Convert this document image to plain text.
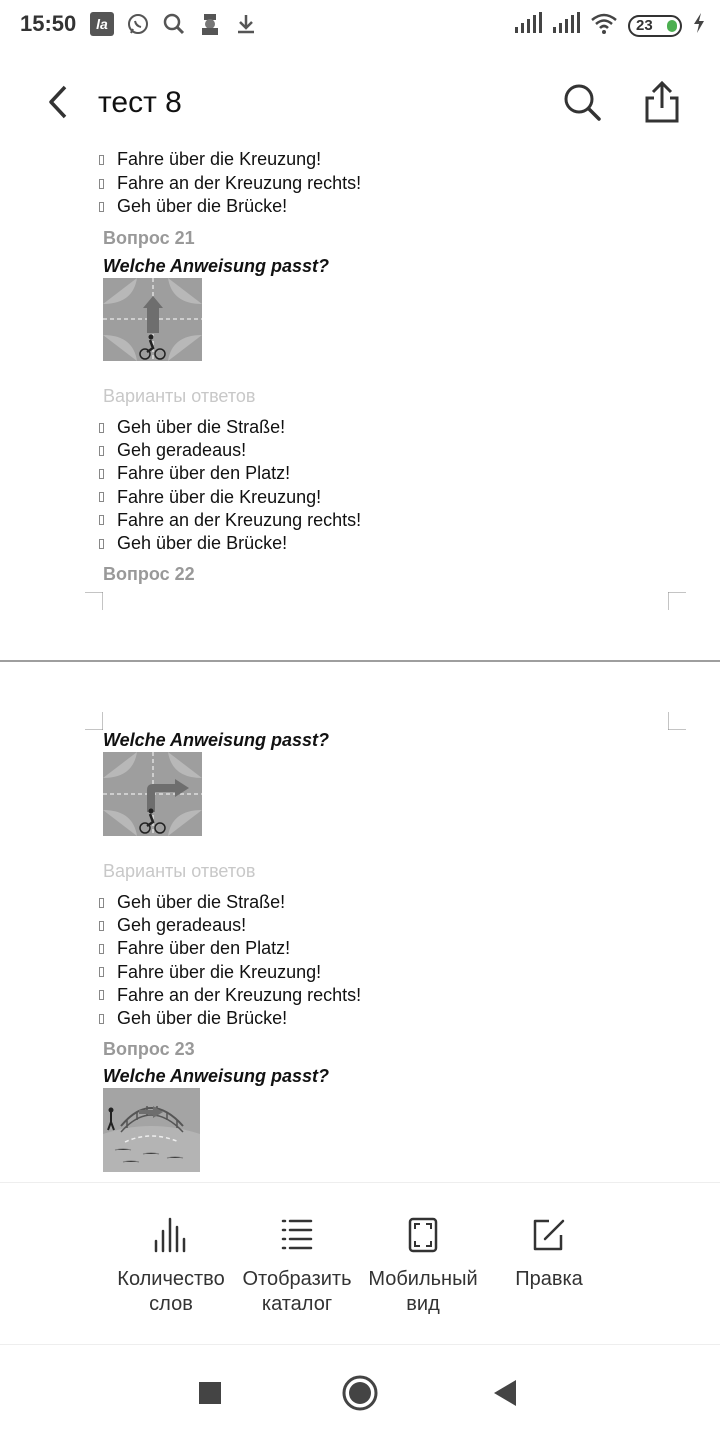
15:50	la	23
тест 8
Fahre über die Kreuzung!
Fahre an der Kreuzung rechts!
Geh über die Brücke!
Вопрос 21
Welche Anweisung passt?
Варианты ответов
Geh über die Straße!
Geh geradeaus!
Fahre über den Platz!
Fahre über die Kreuzung!
Fahre an der Kreuzung rechts!
Geh über die Brücke!
Вопрос 22
Welche Anweisung passt?
Варианты ответов
Geh über die Straße!
Geh geradeaus!
Fahre über den Platz!
Fahre über die Kreuzung!
Fahre an der Kreuzung rechts!
Geh über die Brücke!
Вопрос 23
Welche Anweisung passt?
Количество
слов
Отобразить
каталог
Мобильный
вид
Правка
